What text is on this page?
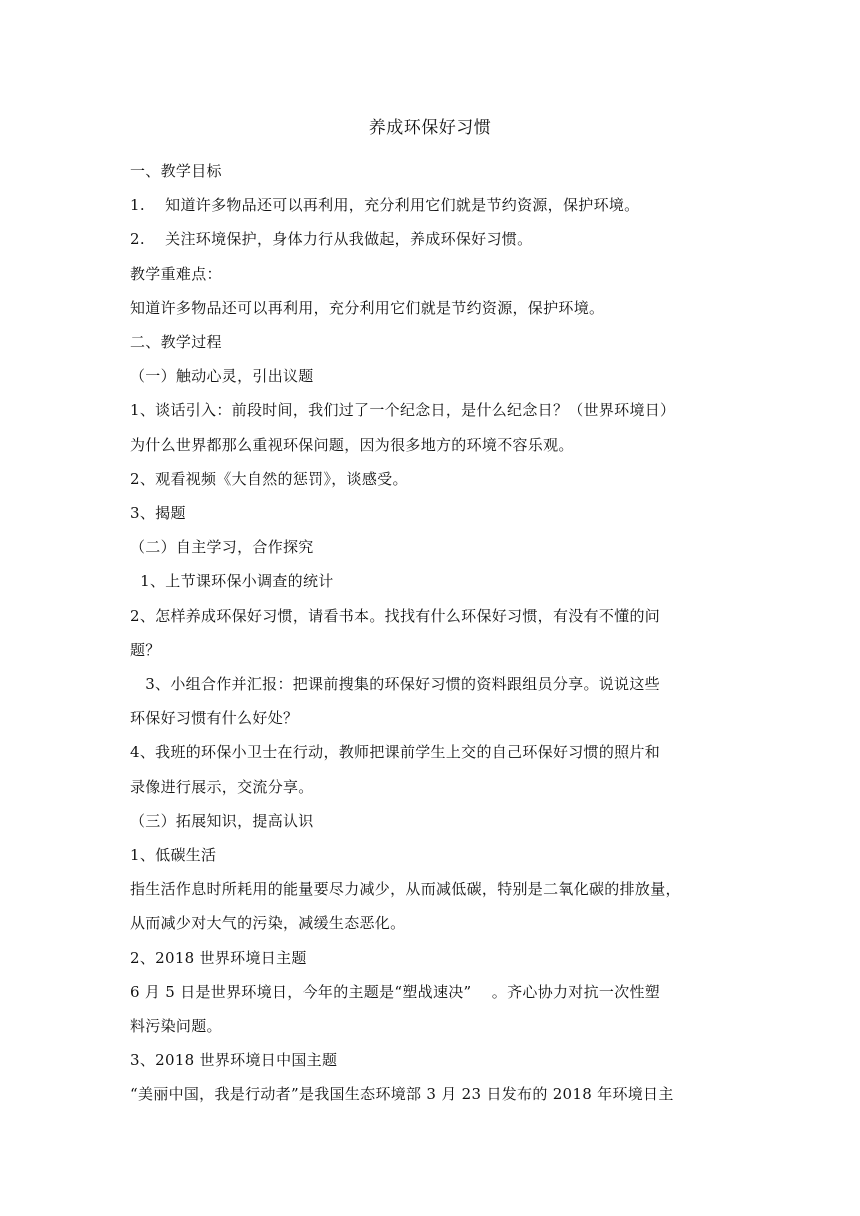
养成环保好习惯

一、教学目标

1.    知道许多物品还可以再利用，充分利用它们就是节约资源，保护环境。

2.    关注环境保护，身体力行从我做起，养成环保好习惯。

教学重难点：

知道许多物品还可以再利用，充分利用它们就是节约资源，保护环境。

二、教学过程

（一）触动心灵，引出议题

1、谈话引入：前段时间，我们过了一个纪念日，是什么纪念日？（世界环境日）

为什么世界都那么重视环保问题，因为很多地方的环境不容乐观。

2、观看视频《大自然的惩罚》，谈感受。

3、揭题

（二）自主学习，合作探究

1、上节课环保小调查的统计

2、怎样养成环保好习惯，请看书本。找找有什么环保好习惯，有没有不懂的问

题？

3、小组合作并汇报：把课前搜集的环保好习惯的资料跟组员分享。说说这些

环保好习惯有什么好处？

4、我班的环保小卫士在行动，教师把课前学生上交的自己环保好习惯的照片和

录像进行展示，交流分享。

（三）拓展知识，提高认识

1、低碳生活

指生活作息时所耗用的能量要尽力减少，从而减低碳，特别是二氧化碳的排放量，

从而减少对大气的污染，减缓生态恶化。

2、2018 世界环境日主题

6 月 5 日是世界环境日，今年的主题是“塑战速决”    。齐心协力对抗一次性塑

料污染问题。

3、2018 世界环境日中国主题

“美丽中国，我是行动者”是我国生态环境部 3 月 23 日发布的 2018 年环境日主
